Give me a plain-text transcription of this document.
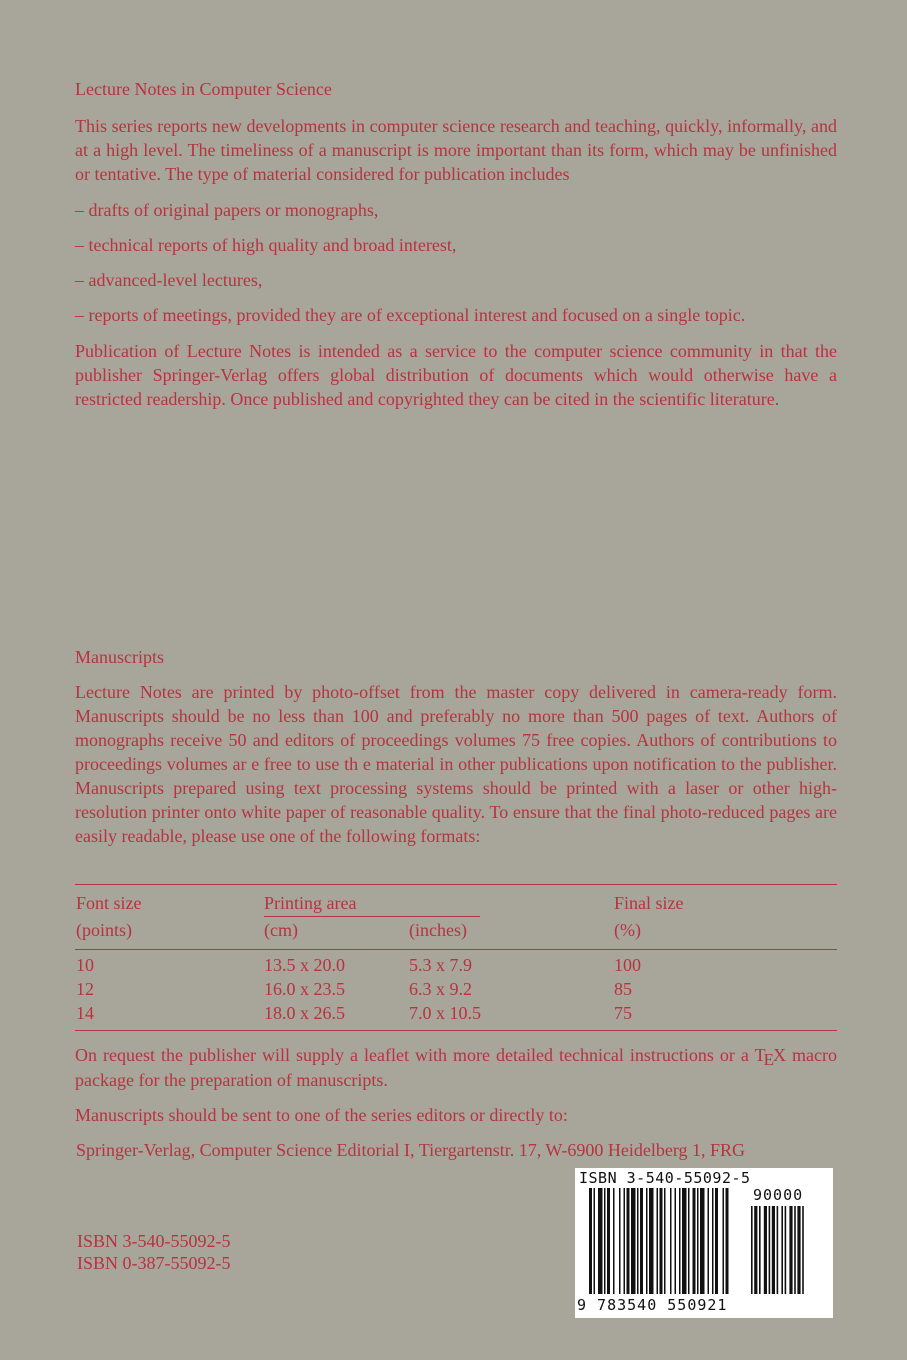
Lecture Notes in Computer Science

This series reports new developments in computer science research and teaching, quickly, informally, and at a high level. The timeliness of a manuscript is more important than its form, which may be unfinished or tentative. The type of material considered for publication includes

– drafts of original papers or monographs,

– technical reports of high quality and broad interest,

– advanced-level lectures,

– reports of meetings, provided they are of exceptional interest and focused on a single topic.

Publication of Lecture Notes is intended as a service to the computer science community in that the publisher Springer-Verlag offers global distribution of documents which would otherwise have a restricted readership. Once published and copyrighted they can be cited in the scientific literature.

Manuscripts

Lecture Notes are printed by photo-offset from the master copy delivered in camera-ready form. Manuscripts should be no less than 100 and preferably no more than 500 pages of text. Authors of monographs receive 50 and editors of proceedings volumes 75 free copies. Authors of contributions to proceedings volumes ar e free to use th e material in other publications upon notification to the publisher. Manuscripts prepared using text processing systems should be printed with a laser or other high-resolution printer onto white paper of reasonable quality. To ensure that the final photo-reduced pages are easily readable, please use one of the following formats:

Font size	Printing area	Final size
(points)	(cm)	(inches)	(%)
10	13.5 x 20.0	5.3 x 7.9	100
12	16.0 x 23.5	6.3 x 9.2	85
14	18.0 x 26.5	7.0 x 10.5	75

On request the publisher will supply a leaflet with more detailed technical instructions or a TEX macro package for the preparation of manuscripts.

Manuscripts should be sent to one of the series editors or directly to:

Springer-Verlag, Computer Science Editorial I, Tiergartenstr. 17, W-6900 Heidelberg 1, FRG

ISBN 3-540-55092-5
ISBN 0-387-55092-5
ISBN 3-540-55092-5
90000
9 783540 550921
